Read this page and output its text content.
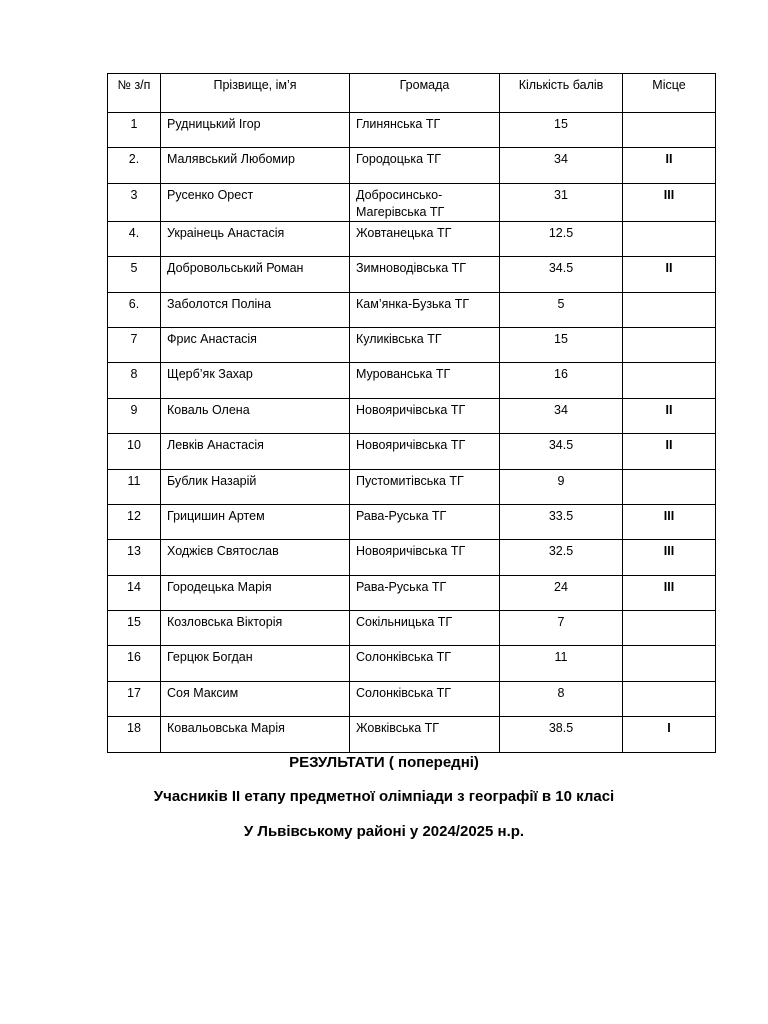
№ з/п	Прізвище, ім’я	Громада	Кількість балів	Місце
1	Рудницький Ігор	Глинянська ТГ	15	
2.	Малявський Любомир	Городоцька ТГ	34	ІІ
3	Русенко Орест	Добросинсько-Магерівська ТГ	31	ІІІ
4.	Украінець Анастасія	Жовтанецька ТГ	12.5	
5	Добровольський Роман	Зимноводівська ТГ	34.5	ІІ
6.	Заболотся Поліна	Кам’янка-Бузька ТГ	5	
7	Фрис Анастасія	Куликівська ТГ	15	
8	Щерб’як Захар	Мурованська ТГ	16	
9	Коваль Олена	Новояричівська ТГ	34	ІІ
10	Левків Анастасія	Новояричівська ТГ	34.5	ІІ
11	Бублик Назарій	Пустомитівська ТГ	9	
12	Грицишин Артем	Рава-Руська ТГ	33.5	ІІІ
13	Ходжієв Святослав	Новояричівська ТГ	32.5	ІІІ
14	Городецька Марія	Рава-Руська ТГ	24	ІІІ
15	Козловська Вікторія	Сокільницька ТГ	7	
16	Герцюк Богдан	Солонківська ТГ	11	
17	Соя Максим	Солонківська ТГ	8	
18	Ковальовська Марія	Жовківська ТГ	38.5	І
РЕЗУЛЬТАТИ ( попередні)
Учасників ІІ етапу предметної олімпіади з географії в 10 класі
У Львівському районі у 2024/2025 н.р.
